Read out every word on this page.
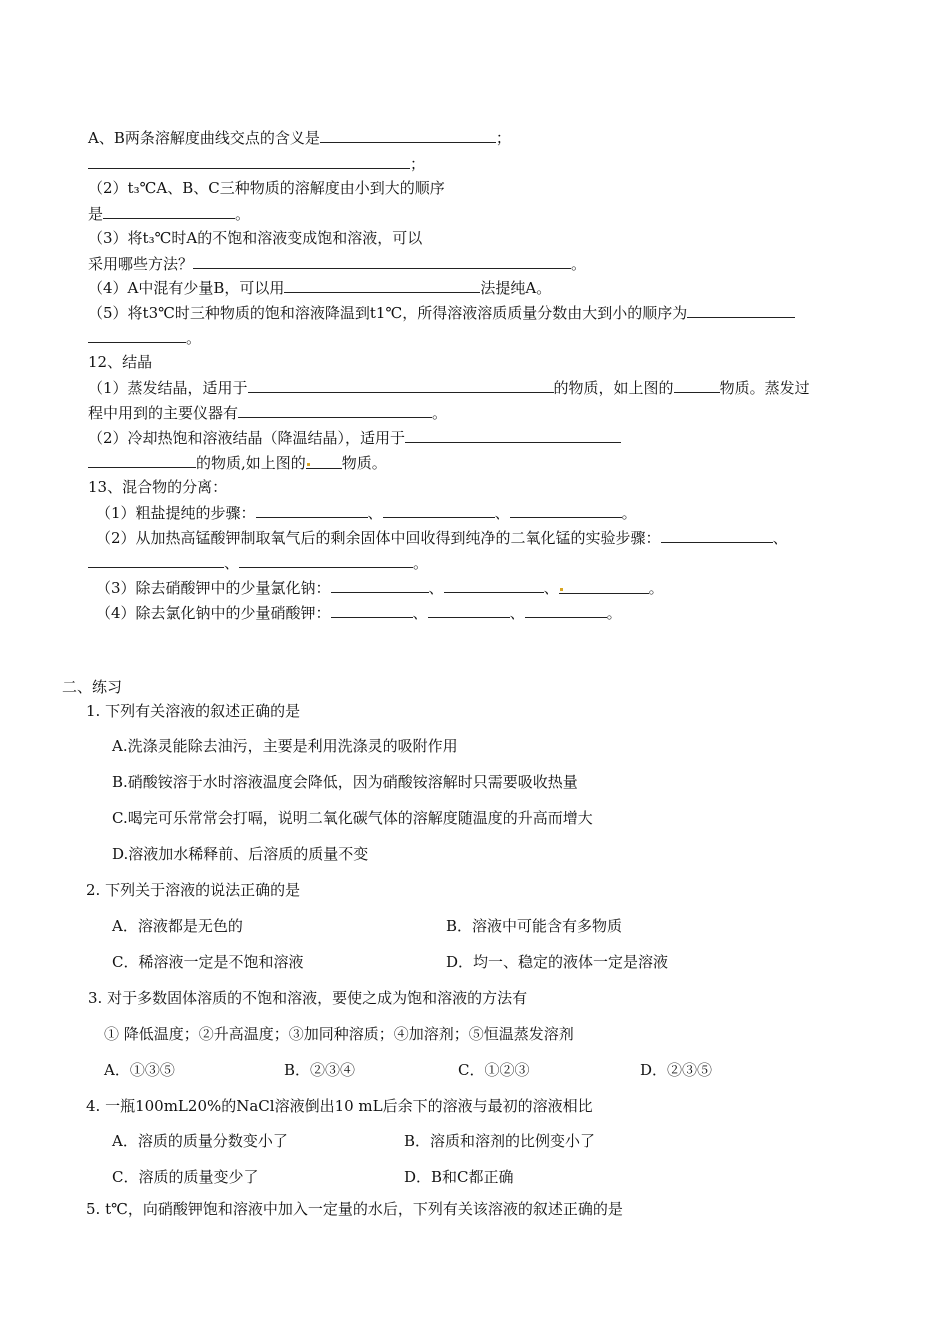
A、B两条溶解度曲线交点的含义是	；
；
（2）t₃℃A、B、C三种物质的溶解度由小到大的顺序
是	。
（3）将t₃℃时A的不饱和溶液变成饱和溶液，可以
采用哪些方法？	。
（4）A中混有少量B，可以用	法提纯A。
（5）将t3℃时三种物质的饱和溶液降温到t1℃，所得溶液溶质质量分数由大到小的顺序为
。
12、结晶
（1）蒸发结晶，适用于	的物质，如上图的	物质。蒸发过
程中用到的主要仪器有	。
（2）冷却热饱和溶液结晶（降温结晶），适用于
的物质,如上图的 物质。
13、混合物的分离：
（1）粗盐提纯的步骤：	、	、	。
（2）从加热高锰酸钾制取氧气后的剩余固体中回收得到纯净的二氧化锰的实验步骤：	、
、	。
（3）除去硝酸钾中的少量氯化钠：	、	、	。
（4）除去氯化钠中的少量硝酸钾：	、	、	。
二、练习
1. 下列有关溶液的叙述正确的是
A.洗涤灵能除去油污，主要是利用洗涤灵的吸附作用
B.硝酸铵溶于水时溶液温度会降低，因为硝酸铵溶解时只需要吸收热量
C.喝完可乐常常会打嗝，说明二氧化碳气体的溶解度随温度的升高而增大
D.溶液加水稀释前、后溶质的质量不变
2. 下列关于溶液的说法正确的是
A．溶液都是无色的	B．溶液中可能含有多物质
C．稀溶液一定是不饱和溶液	D．均一、稳定的液体一定是溶液
3. 对于多数固体溶质的不饱和溶液，要使之成为饱和溶液的方法有
① 降低温度；②升高温度；③加同种溶质；④加溶剂；⑤恒温蒸发溶剂
A．①③⑤	B．②③④	C．①②③	D．②③⑤
4. 一瓶100mL20%的NaCl溶液倒出10 mL后余下的溶液与最初的溶液相比
A．溶质的质量分数变小了	B．溶质和溶剂的比例变小了
C．溶质的质量变少了	D．B和C都正确
5. t℃，向硝酸钾饱和溶液中加入一定量的水后，下列有关该溶液的叙述正确的是
